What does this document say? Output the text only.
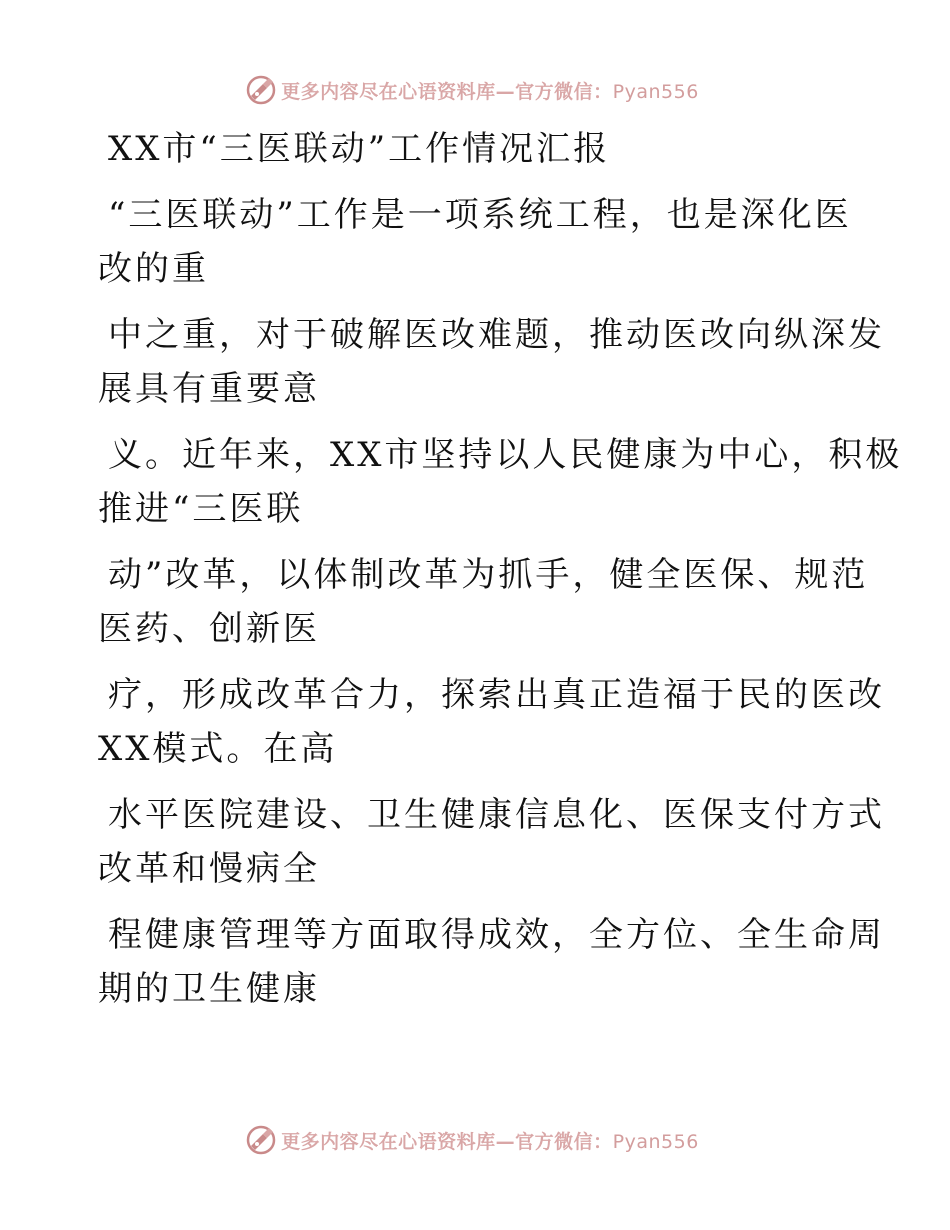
更多内容尽在心语资料库—官方微信：Pyan556
XX市“三医联动”工作情况汇报
“三医联动”工作是一项系统工程，也是深化医
改的重
中之重，对于破解医改难题，推动医改向纵深发
展具有重要意
义。近年来，XX市坚持以人民健康为中心，积极
推进“三医联
动”改革，以体制改革为抓手，健全医保、规范
医药、创新医
疗，形成改革合力，探索出真正造福于民的医改
XX模式。在高
水平医院建设、卫生健康信息化、医保支付方式
改革和慢病全
程健康管理等方面取得成效，全方位、全生命周
期的卫生健康
更多内容尽在心语资料库—官方微信：Pyan556
